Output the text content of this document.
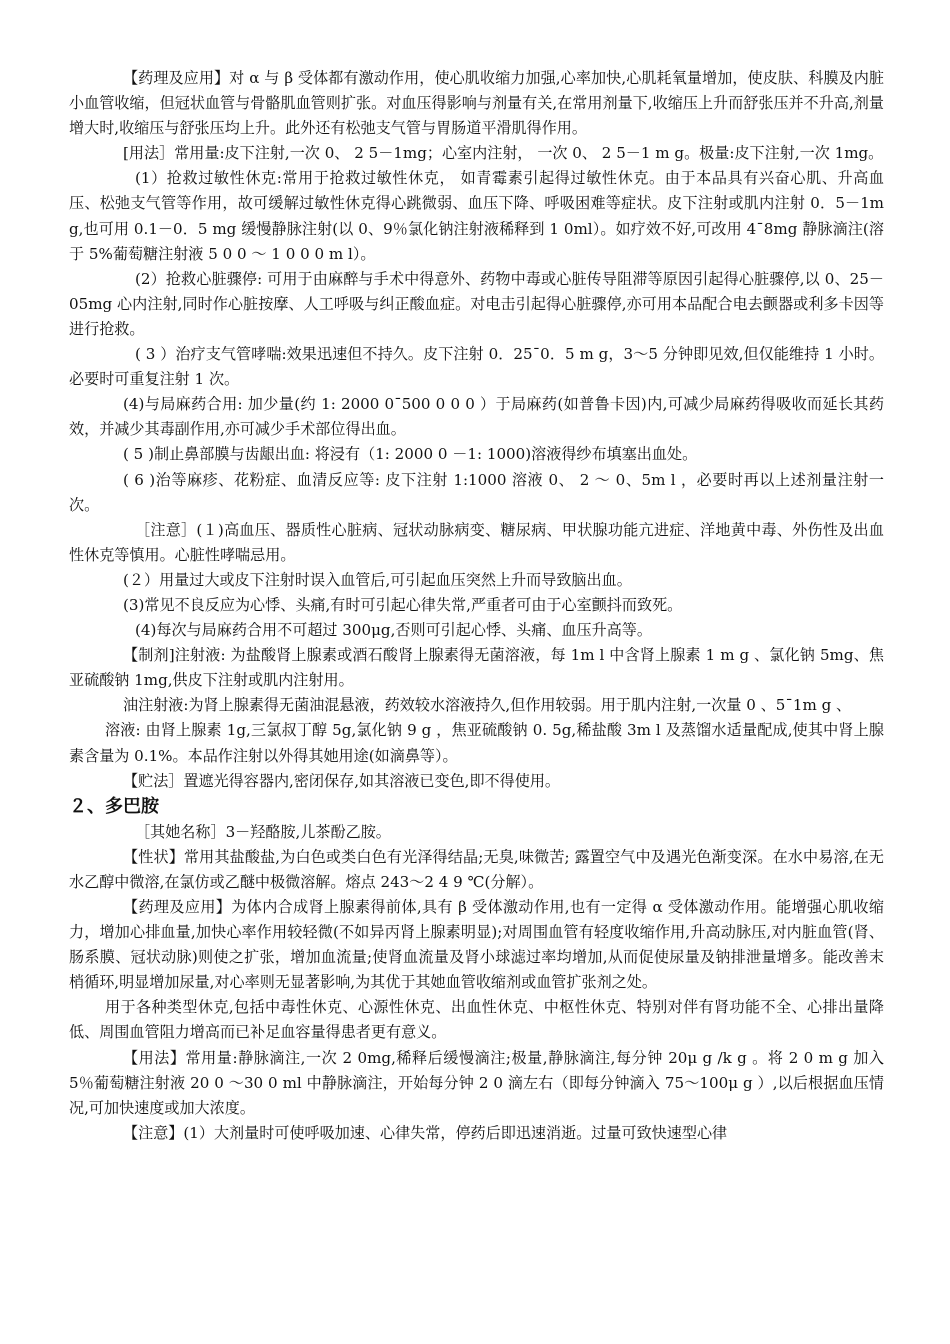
【药理及应用】对 α 与 β 受体都有激动作用，使心肌收缩力加强,心率加快,心肌耗氧量增加，使皮肤、科膜及内脏小血管收缩，但冠状血管与骨骼肌血管则扩张。对血压得影响与剂量有关,在常用剂量下,收缩压上升而舒张压并不升高,剂量增大时,收缩压与舒张压均上升。此外还有松弛支气管与胃肠道平滑肌得作用。

[用法］常用量:皮下注射,一次 0、 2 5－1mg；心室内注射， 一次 0、 2 5－1 m g。极量:皮下注射,一次 1mg。

(1）抢救过敏性休克:常用于抢救过敏性休克， 如青霉素引起得过敏性休克。由于本品具有兴奋心肌、升高血压、松弛支气管等作用，故可缓解过敏性休克得心跳微弱、血压下降、呼吸困难等症状。皮下注射或肌内注射 0．5－1m g,也可用 0.1－0．5 mg 缓慢静脉注射(以 0、9％氯化钠注射液稀释到 1 0ml）。如疗效不好,可改用 4¯8mg 静脉滴注(溶于 5%葡萄糖注射液 5 0 0 ～ 1 0 0 0 m l）。

(2）抢救心脏骤停: 可用于由麻醉与手术中得意外、药物中毒或心脏传导阻滞等原因引起得心脏骤停,以 0、25－05mg 心内注射,同时作心脏按摩、人工呼吸与纠正酸血症。对电击引起得心脏骤停,亦可用本品配合电去颤器或利多卡因等进行抢救。

( 3 ）治疗支气管哮喘:效果迅速但不持久。皮下注射 0．25¯0．5 m g，3～5 分钟即见效,但仅能维持 1 小时。必要时可重复注射 1 次。

(4)与局麻药合用: 加少量(约 1: 2000 0¯500 0 0 0 ）于局麻药(如普鲁卡因)内,可减少局麻药得吸收而延长其药效，并减少其毒副作用,亦可减少手术部位得出血。

( 5 )制止鼻部膜与齿龈出血: 将浸有（1: 2000 0 －1: 1000)溶液得纱布填塞出血处。

( 6 )治等麻疹、花粉症、血清反应等: 皮下注射 1:1000 溶液 0、 2 ～ 0、5m l ，必要时再以上述剂量注射一次。

［注意］(１)高血压、器质性心脏病、冠状动脉病变、糖尿病、甲状腺功能亢进症、洋地黄中毒、外伤性及出血性休克等慎用。心脏性哮喘忌用。

(２）用量过大或皮下注射时误入血管后,可引起血压突然上升而导致脑出血。

(3)常见不良反应为心悸、头痛,有时可引起心律失常,严重者可由于心室颤抖而致死。

(4)每次与局麻药合用不可超过 300μg,否则可引起心悸、头痛、血压升高等。

【制剂]注射液: 为盐酸肾上腺素或酒石酸肾上腺素得无菌溶液，每 1m l 中含肾上腺素 1 m g 、氯化钠 5mg、焦亚硫酸钠 1mg,供皮下注射或肌内注射用。

油注射液:为肾上腺素得无菌油混悬液，药效较水溶液持久,但作用较弱。用于肌内注射,一次量 0 、5¯1m g 、

溶液: 由肾上腺素 1g,三氯叔丁醇 5g,氯化钠 9 g ，焦亚硫酸钠 0. 5g,稀盐酸 3m l 及蒸馏水适量配成,使其中肾上腺素含量为 0.1%。本品作注射以外得其她用途(如滴鼻等）。

【贮法］置遮光得容器内,密闭保存,如其溶液已变色,即不得使用。

２、多巴胺

［其她名称］3－羟酪胺,儿茶酚乙胺。

【性状】常用其盐酸盐,为白色或类白色有光泽得结晶;无臭,味微苦; 露置空气中及遇光色渐变深。在水中易溶,在无水乙醇中微溶,在氯仿或乙醚中极微溶解。熔点 243～2 4 9 ℃(分解）。

【药理及应用】为体内合成肾上腺素得前体,具有 β 受体激动作用,也有一定得 α 受体激动作用。能增强心肌收缩力，增加心排血量,加快心率作用较轻微(不如异丙肾上腺素明显);对周围血管有轻度收缩作用,升高动脉压,对内脏血管(肾、肠系膜、冠状动脉)则使之扩张，增加血流量;使肾血流量及肾小球滤过率均增加,从而促使尿量及钠排泄量增多。能改善末梢循环,明显增加尿量,对心率则无显著影响,为其优于其她血管收缩剂或血管扩张剂之处。

用于各种类型休克,包括中毒性休克、心源性休克、出血性休克、中枢性休克、特别对伴有肾功能不全、心排出量降低、周围血管阻力增高而已补足血容量得患者更有意义。

【用法】常用量:静脉滴注,一次 2 0mg,稀释后缓慢滴注;极量,静脉滴注,每分钟 20μ g /k g 。将 2 0 m g 加入 5％葡萄糖注射液 20 0 ～30 0 ml 中静脉滴注，开始每分钟 2 0 滴左右（即每分钟滴入 75～100μ g ）,以后根据血压情况,可加快速度或加大浓度。

【注意】(1）大剂量时可使呼吸加速、心律失常，停药后即迅速消逝。过量可致快速型心律
